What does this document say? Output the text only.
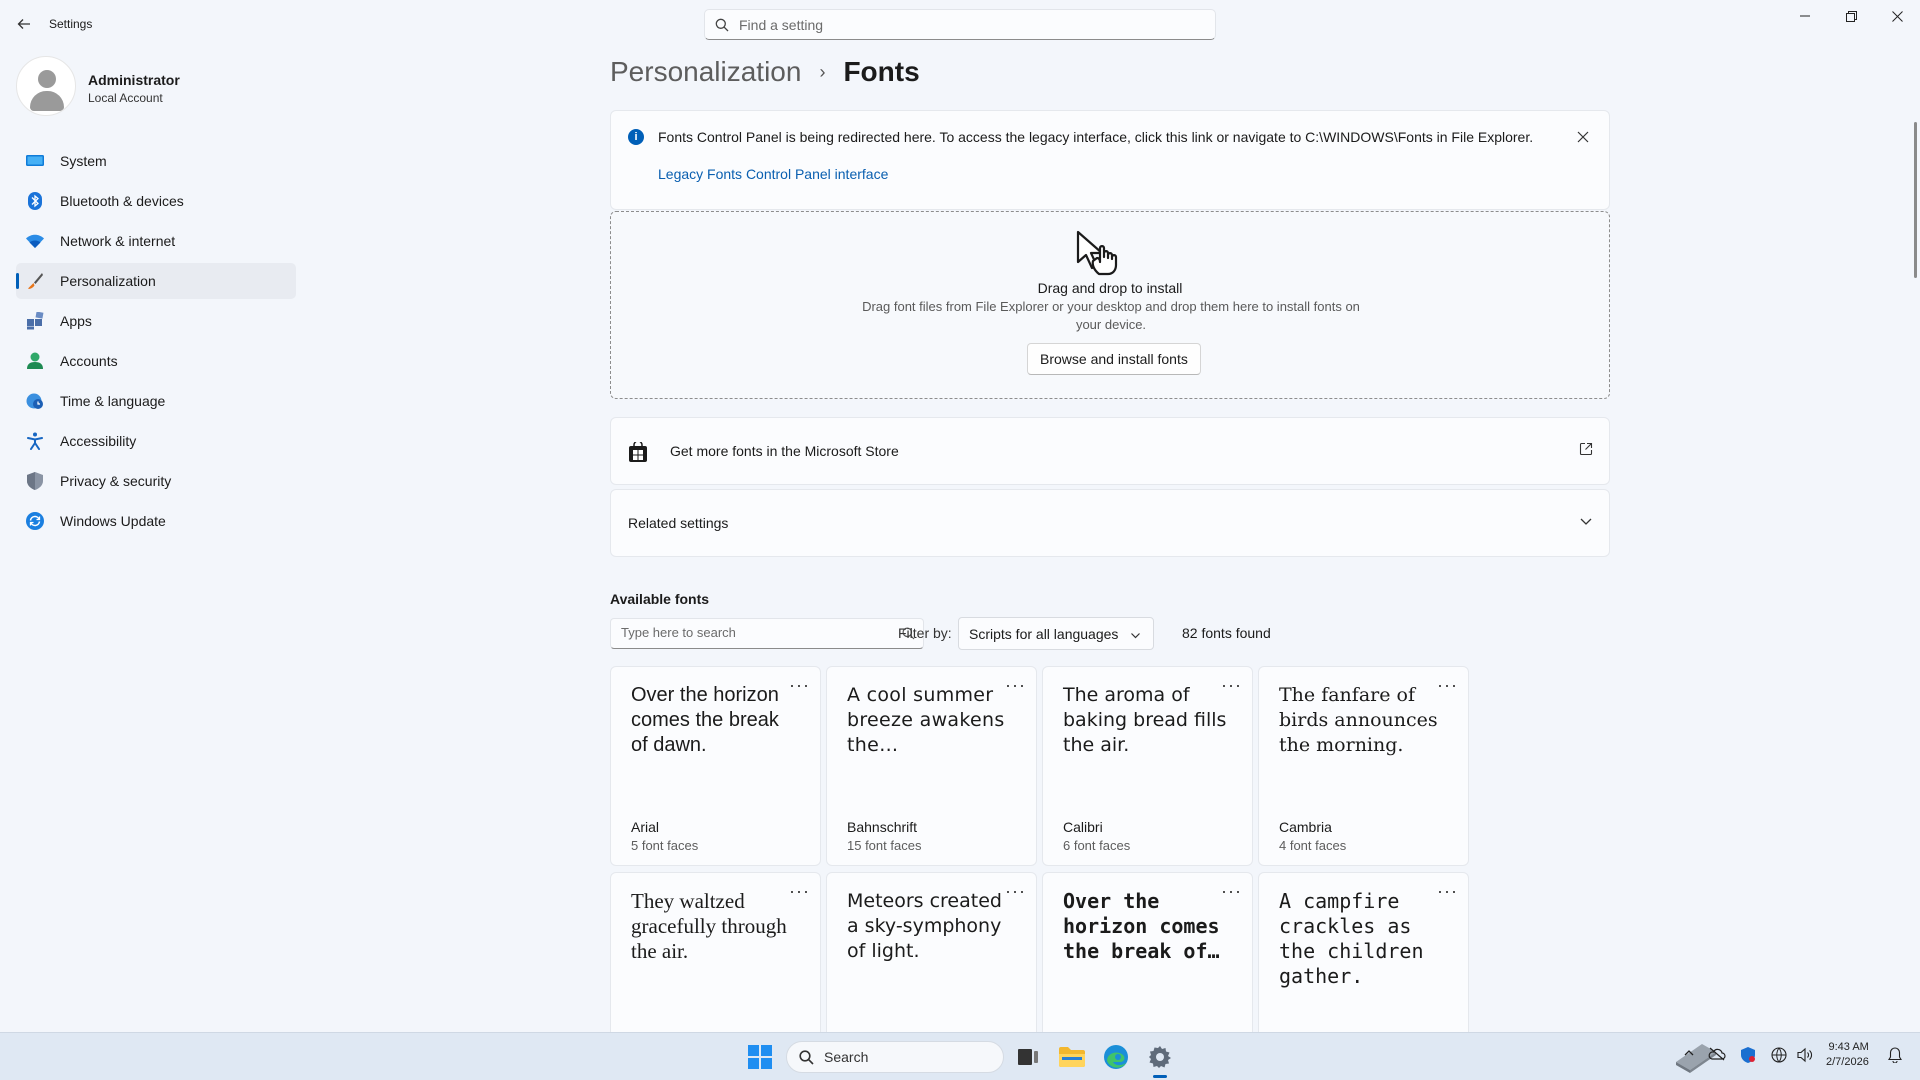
Settings
Find a setting
Administrator
Local Account
System
Bluetooth & devices
Network & internet
Personalization
Apps
Accounts
Time & language
Accessibility
Privacy & security
Windows Update
Personalization › Fonts
i	Fonts Control Panel is being redirected here. To access the legacy interface, click this link or navigate to C:\WINDOWS\Fonts in File Explorer.
Legacy Fonts Control Panel interface
Drag and drop to install
Drag font files from File Explorer or your desktop and drop them here to install fonts on your device.
Browse and install fonts
Get more fonts in the Microsoft Store
Related settings
Available fonts
Type here to search
Filter by: Scripts for all languages	82 fonts found
Over the horizon comes the break of dawn.
···
Arial
5 font faces
A cool summer breeze awakens the…
···
Bahnschrift
15 font faces
The aroma of baking bread fills the air.
···
Calibri
6 font faces
The fanfare of birds announces the morning.
···
Cambria
4 font faces
They waltzed gracefully through the air.
··· Meteors created a sky-symphony of light.
··· Over the horizon comes the break of…
··· A campfire crackles as the children gather.
···
Search
9:43 AM
2/7/2026
